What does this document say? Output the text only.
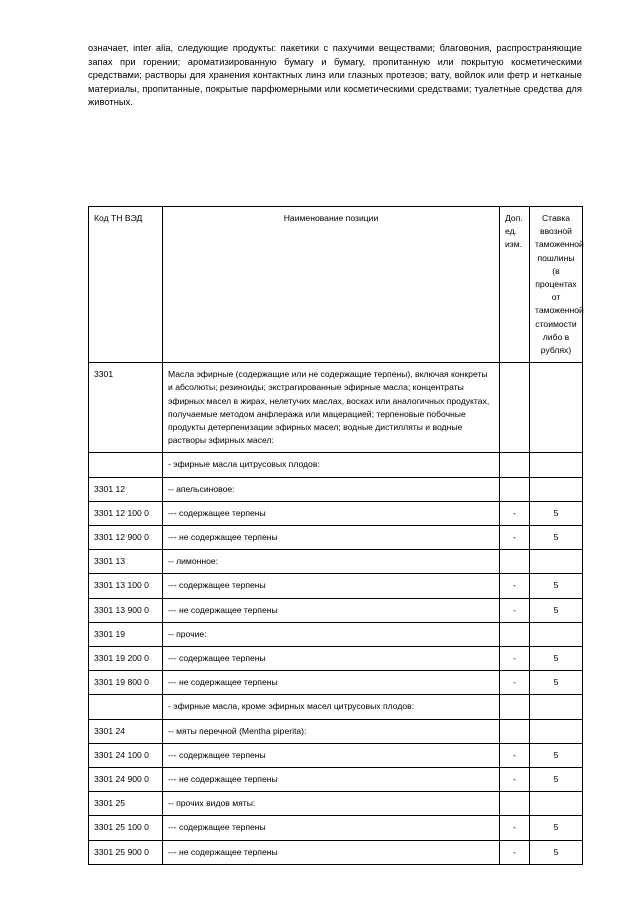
означает, inter alia, следующие продукты: пакетики с пахучими веществами; благовония, распространяющие запах при горении; ароматизированную бумагу и бумагу, пропитанную или покрытую косметическими средствами; растворы для хранения контактных линз или глазных протезов; вату, войлок или фетр и нетканые материалы, пропитанные, покрытые парфюмерными или косметическими средствами; туалетные средства для животных.

Код ТН ВЭД	Наименование позиции	Доп. ед. изм.	Ставка ввозной таможенной пошлины (в процентах от таможенной стоимости либо в рублях)
3301	Масла эфирные (содержащие или не содержащие терпены), включая конкреты и абсолюты; резиноиды; экстрагированные эфирные масла; концентраты эфирных масел в жирах, нелетучих маслах, восках или аналогичных продуктах, получаемые методом анфлеража или мацерацией; терпеновые побочные продукты детерпенизации эфирных масел; водные дистилляты и водные растворы эфирных масел:		
	- эфирные масла цитрусовых плодов:		
3301 12	-- апельсиновое:		
3301 12 100 0	--- содержащее терпены	-	5
3301 12 900 0	--- не содержащее терпены	-	5
3301 13	-- лимонное:		
3301 13 100 0	--- содержащее терпены	-	5
3301 13 900 0	--- не содержащее терпены	-	5
3301 19	-- прочие:		
3301 19 200 0	--- содержащее терпены	-	5
3301 19 800 0	--- не содержащее терпены	-	5
	- эфирные масла, кроме эфирных масел цитрусовых плодов:		
3301 24	-- мяты перечной (Mentha piperita):		
3301 24 100 0	--- содержащее терпены	-	5
3301 24 900 0	--- не содержащее терпены	-	5
3301 25	-- прочих видов мяты:		
3301 25 100 0	--- содержащее терпены	-	5
3301 25 900 0	--- не содержащее терпены	-	5
